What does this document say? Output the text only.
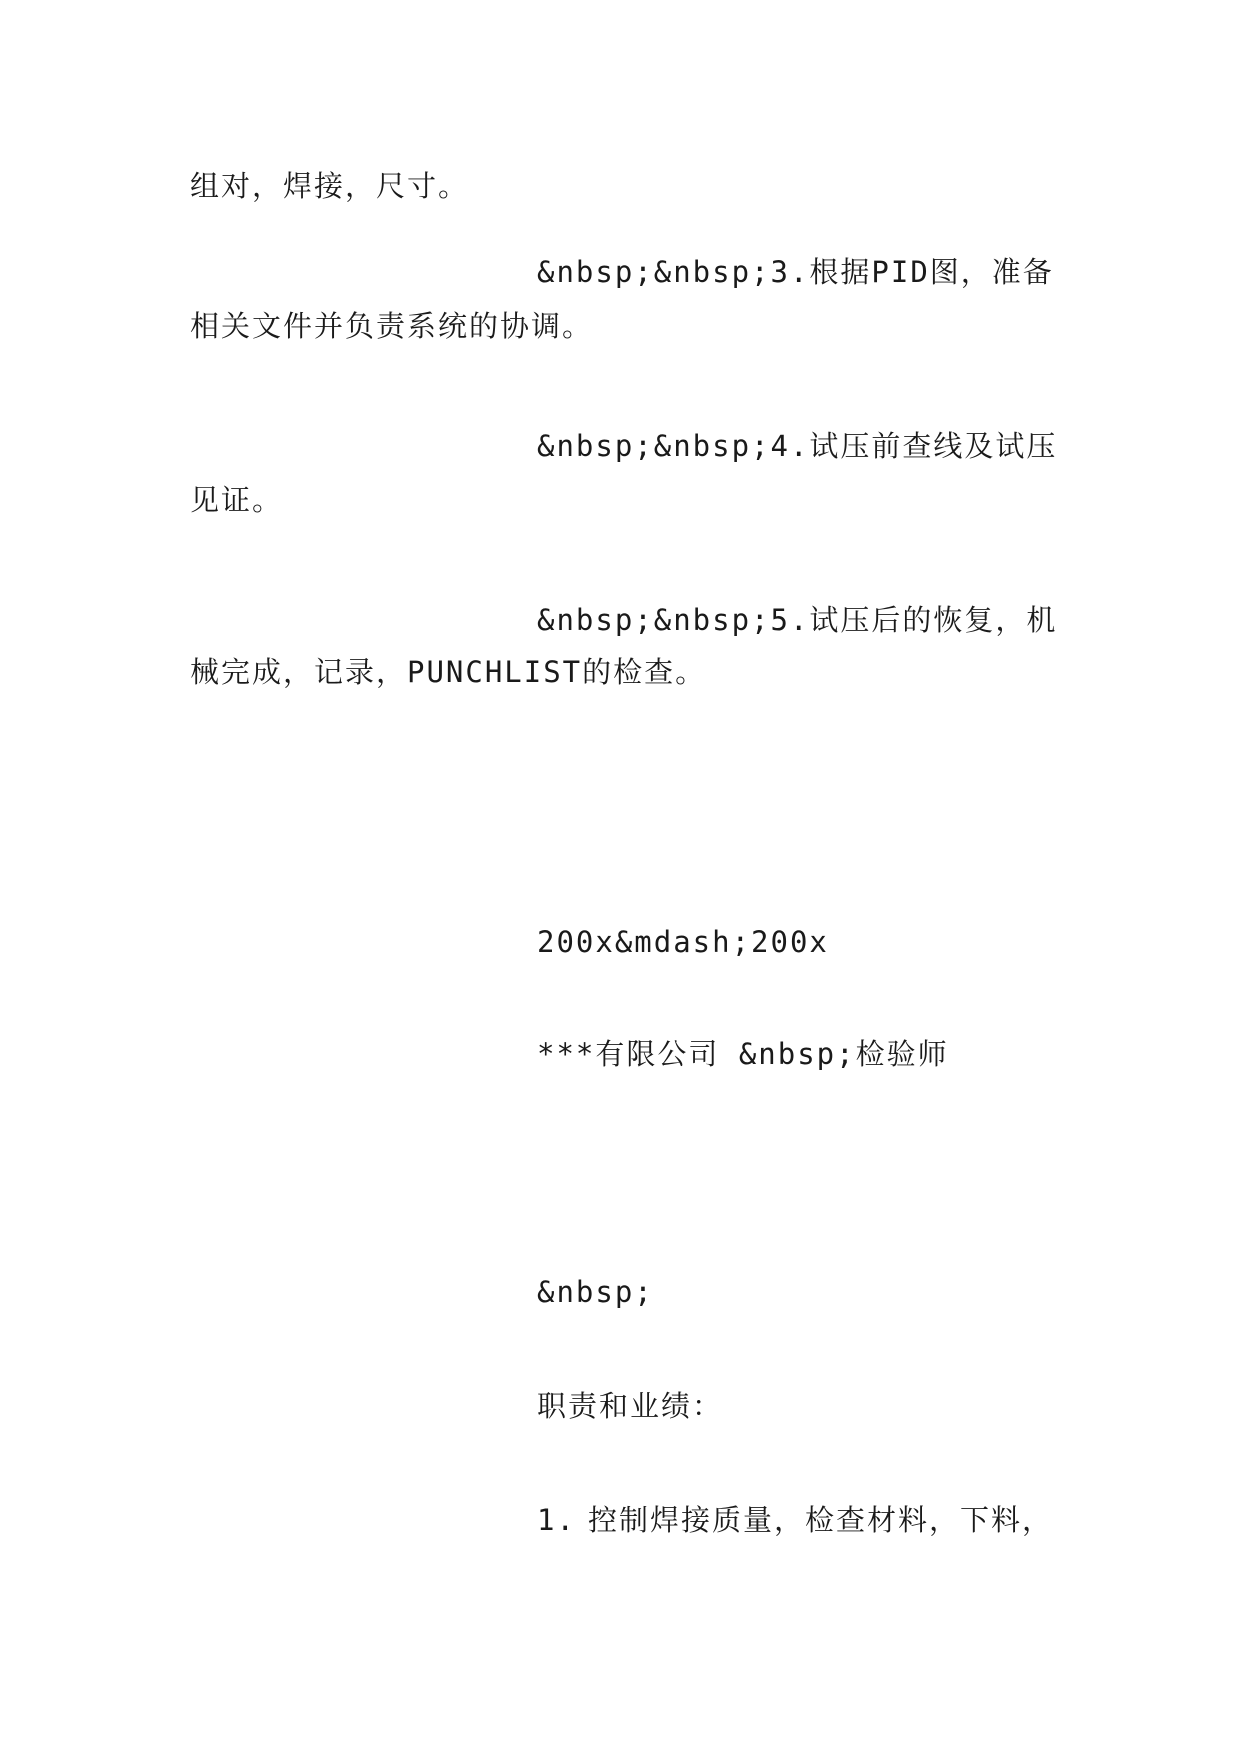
组对，焊接，尺寸。
&nbsp;&nbsp;3.根据PID图，准备
相关文件并负责系统的协调。
&nbsp;&nbsp;4.试压前查线及试压
见证。
&nbsp;&nbsp;5.试压后的恢复，机
械完成，记录，PUNCHLIST的检查。
200x&mdash;200x
***有限公司 &nbsp;检验师
&nbsp;
职责和业绩：
1. 控制焊接质量，检查材料，下料，
